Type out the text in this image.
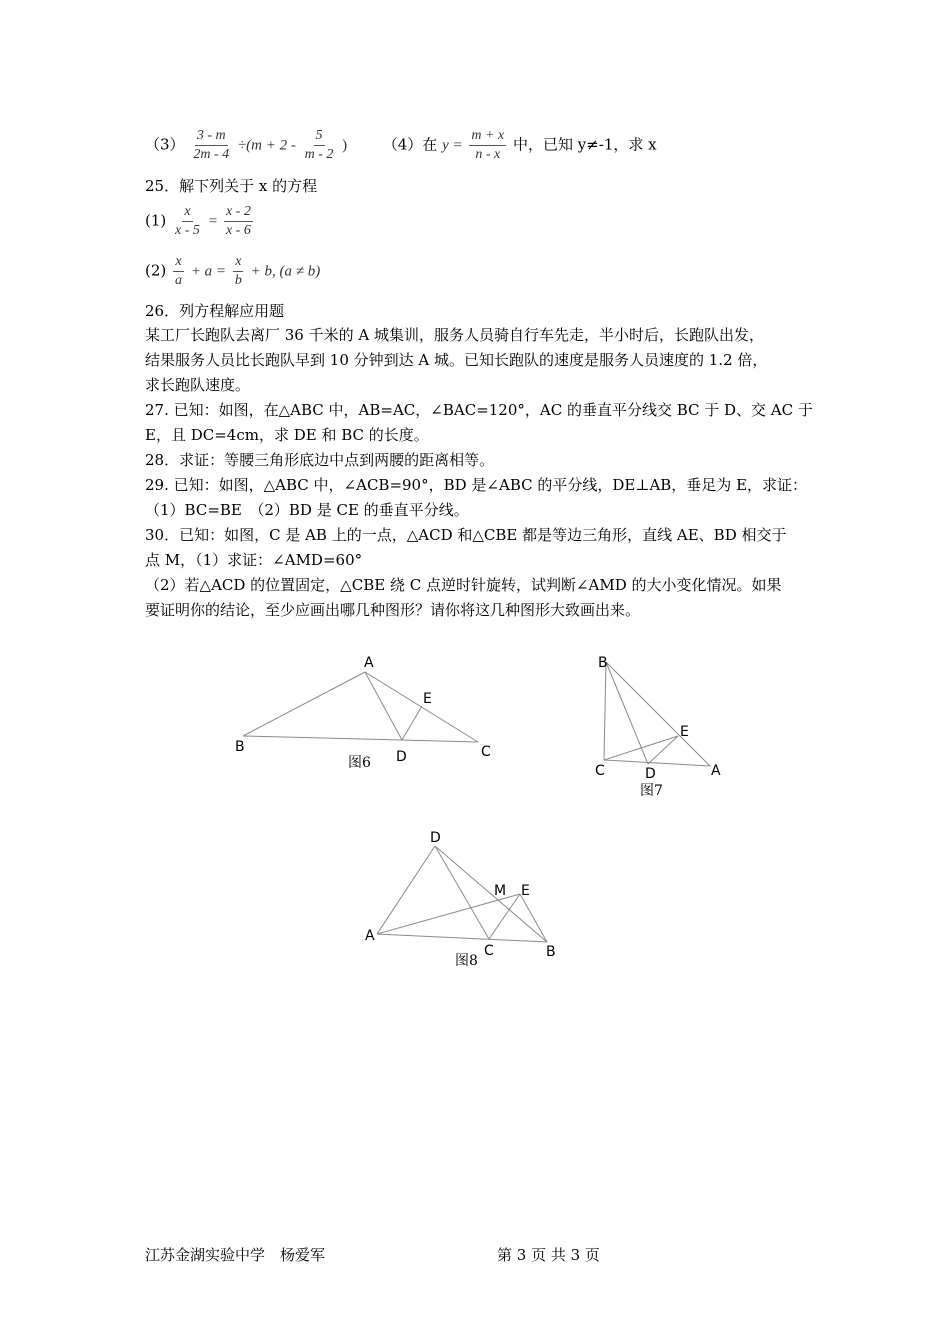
$(3) \frac{3 - m}{2m - 4} \div(m + 2 - \frac{5}{m - 2}$ ) （4）在 $y = \frac{m + x}{n - x}$ 中，已知 y≠-1，求 x
25．解下列关于 x 的方程
$(1) \frac{x}{x - 5} = \frac{x - 2}{x - 6}$
$(2) \frac{x}{a} + a = \frac{x}{b} + b$, (a ≠ b)
26．列方程解应用题
某工厂长跑队去离厂 36 千米的 A 城集训，服务人员骑自行车先走，半小时后，长跑队出发，
结果服务人员比长跑队早到 10 分钟到达 A 城。已知长跑队的速度是服务人员速度的 1.2 倍，
求长跑队速度。
27. 已知：如图，在△ABC 中，AB=AC，∠BAC=120°，AC 的垂直平分线交 BC 于 D、交 AC 于
E，且 DC=4cm，求 DE 和 BC 的长度。
28．求证：等腰三角形底边中点到两腰的距离相等。
29. 已知：如图，△ABC 中，∠ACB=90°，BD 是∠ABC 的平分线，DE⊥AB，垂足为 E，求证：
（1）BC=BE　（2）BD 是 CE 的垂直平分线。
30．已知：如图，C 是 AB 上的一点，△ACD 和△CBE 都是等边三角形，直线 AE、BD 相交于
点 M，（1）求证：∠AMD=60°
（2）若△ACD 的位置固定，△CBE 绕 C 点逆时针旋转，试判断∠AMD 的大小变化情况。如果
要证明你的结论，至少应画出哪几种图形？请你将这几种图形大致画出来。
A
B	C
D
E
图6
B
C	D	A
E
图7
D
A
C	B
M E
图8
江苏金湖实验中学　杨爱军	第 3 页 共 3 页
